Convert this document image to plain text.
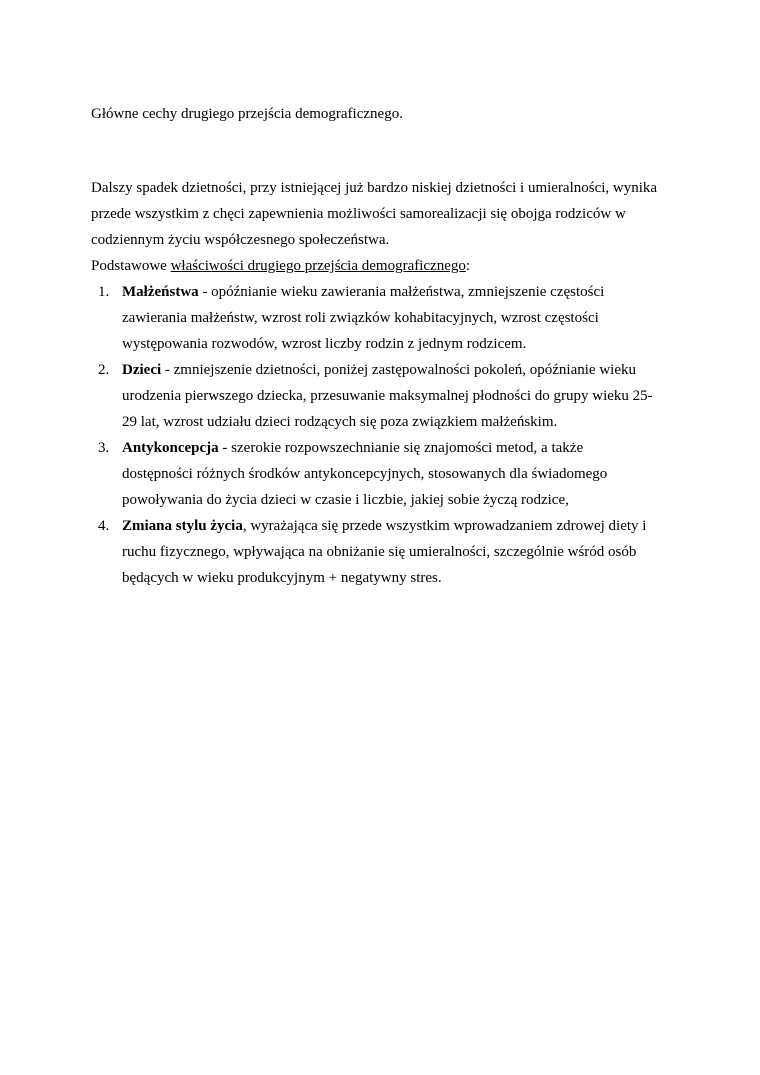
Główne cechy drugiego przejścia demograficznego.

Dalszy spadek dzietności, przy istniejącej już bardzo niskiej dzietności i umieralności, wynika
przede wszystkim z chęci zapewnienia możliwości samorealizacji się obojga rodziców w
codziennym życiu współczesnego społeczeństwa.

Podstawowe właściwości drugiego przejścia demograficznego:

1. Małżeństwa - opóźnianie wieku zawierania małżeństwa, zmniejszenie częstości
zawierania małżeństw, wzrost roli związków kohabitacyjnych, wzrost częstości
występowania rozwodów, wzrost liczby rodzin z jednym rodzicem.
2. Dzieci - zmniejszenie dzietności, poniżej zastępowalności pokoleń, opóźnianie wieku
urodzenia pierwszego dziecka, przesuwanie maksymalnej płodności do grupy wieku 25-
29 lat, wzrost udziału dzieci rodzących się poza związkiem małżeńskim.
3. Antykoncepcja - szerokie rozpowszechnianie się znajomości metod, a także
dostępności różnych środków antykoncepcyjnych, stosowanych dla świadomego
powoływania do życia dzieci w czasie i liczbie, jakiej sobie życzą rodzice,
4. Zmiana stylu życia, wyrażająca się przede wszystkim wprowadzaniem zdrowej diety i
ruchu fizycznego, wpływająca na obniżanie się umieralności, szczególnie wśród osób
będących w wieku produkcyjnym + negatywny stres.
